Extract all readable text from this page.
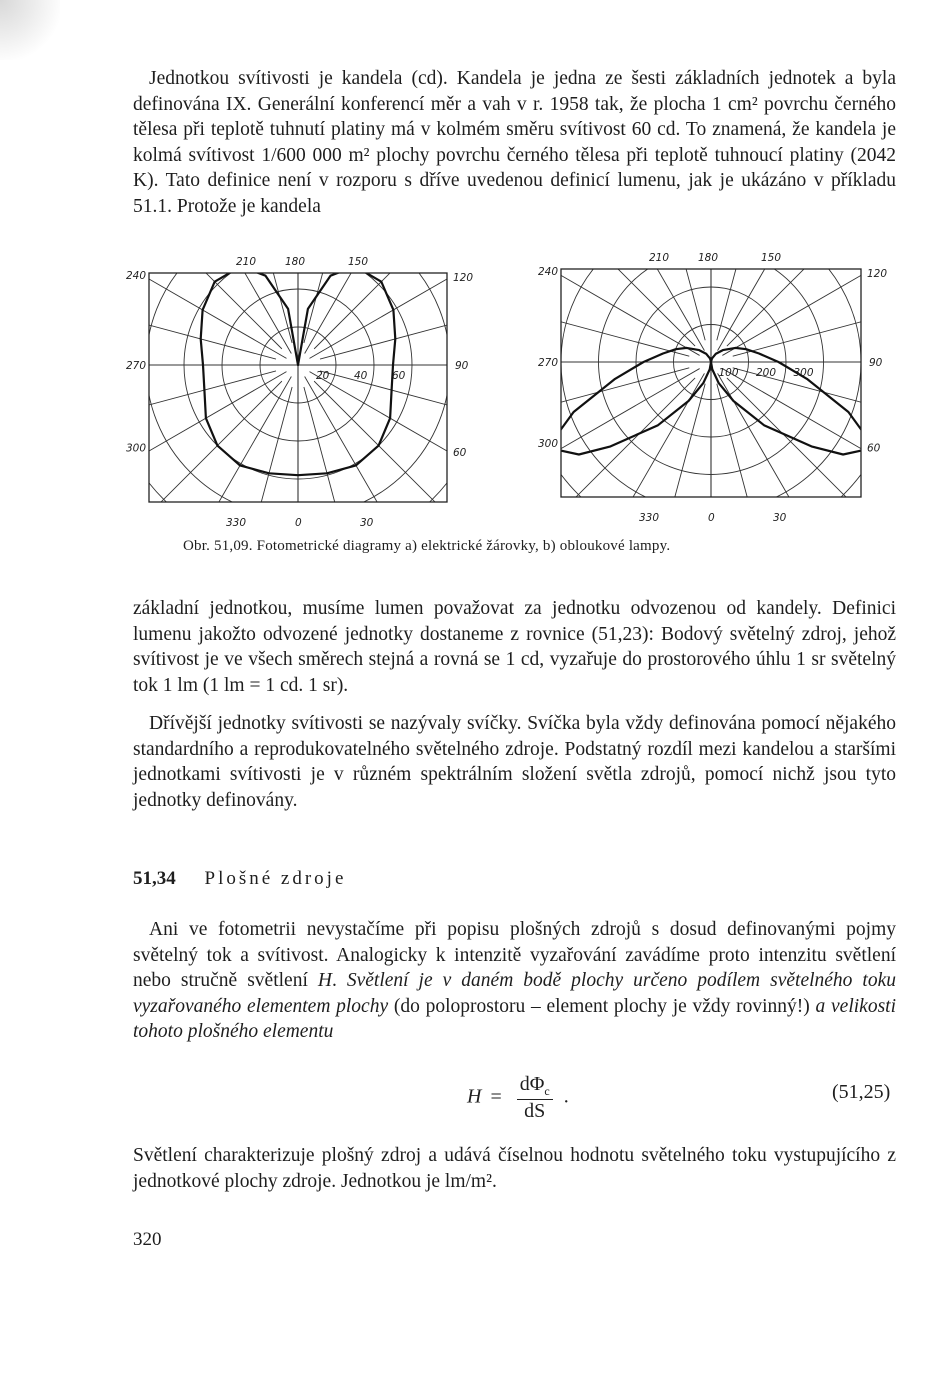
Jednotkou svítivosti je kandela (cd). Kandela je jedna ze šesti základních jednotek a byla definována IX. Generální konferencí měr a vah v r. 1958 tak, že plocha 1 cm² povrchu černého tělesa při teplotě tuhnutí platiny má v kolmém směru svítivost 60 cd. To znamená, že kandela je kolmá svítivost 1/600 000 m² plochy povrchu černého tělesa při teplotě tuhnoucí platiny (2042 K). Tato definice není v rozporu s dříve uvedenou definicí lumenu, jak je ukázáno v příkladu 51.1. Protože je kandela

210	180	150
240	120
270	90
300	60
330	0	30
20 40 60
210	180	150
240	120
270	90
300	60
330	0	30
100 200 300
Obr. 51,09. Fotometrické diagramy a) elektrické žárovky, b) obloukové lampy.

základní jednotkou, musíme lumen považovat za jednotku odvozenou od kandely. Definici lumenu jakožto odvozené jednotky dostaneme z rovnice (51,23): Bodový světelný zdroj, jehož svítivost je ve všech směrech stejná a rovná se 1 cd, vyzařuje do prostorového úhlu 1 sr světelný tok 1 lm (1 lm = 1 cd. 1 sr).

Dřívější jednotky svítivosti se nazývaly svíčky. Svíčka byla vždy definována pomocí nějakého standardního a reprodukovatelného světelného zdroje. Podstatný rozdíl mezi kandelou a staršími jednotkami svítivosti je v různém spektrálním složení světla zdrojů, pomocí nichž jsou tyto jednotky definovány.

51,34 Plošné zdroje

Ani ve fotometrii nevystačíme při popisu plošných zdrojů s dosud definovanými pojmy světelný tok a svítivost. Analogicky k intenzitě vyzařování zavádíme proto intenzitu světlení nebo stručně světlení H. Světlení je v daném bodě plochy určeno podílem světelného toku vyzařovaného elementem plochy (do poloprostoru – element plochy je vždy rovinný!) a velikosti tohoto plošného elementu

$H = \frac{d\Phi_c}{dS}$ .	(51,25)

Světlení charakterizuje plošný zdroj a udává číselnou hodnotu světelného toku vystupujícího z jednotkové plochy zdroje. Jednotkou je lm/m².

320
